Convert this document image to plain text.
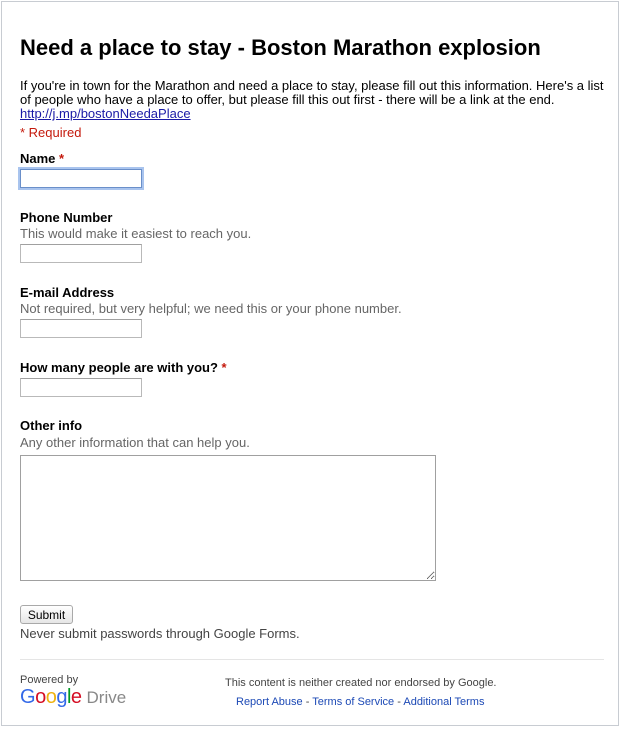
Need a place to stay - Boston Marathon explosion
If you're in town for the Marathon and need a place to stay, please fill out this information. Here's a list of people who have a place to offer, but please fill this out first - there will be a link at the end.
http://j.mp/bostonNeedaPlace
* Required
Name *
Phone Number
This would make it easiest to reach you.
E-mail Address
Not required, but very helpful; we need this or your phone number.
How many people are with you? *
Other info
Any other information that can help you.
Submit
Never submit passwords through Google Forms.
Powered by
Google Drive
This content is neither created nor endorsed by Google.
Report Abuse - Terms of Service - Additional Terms
